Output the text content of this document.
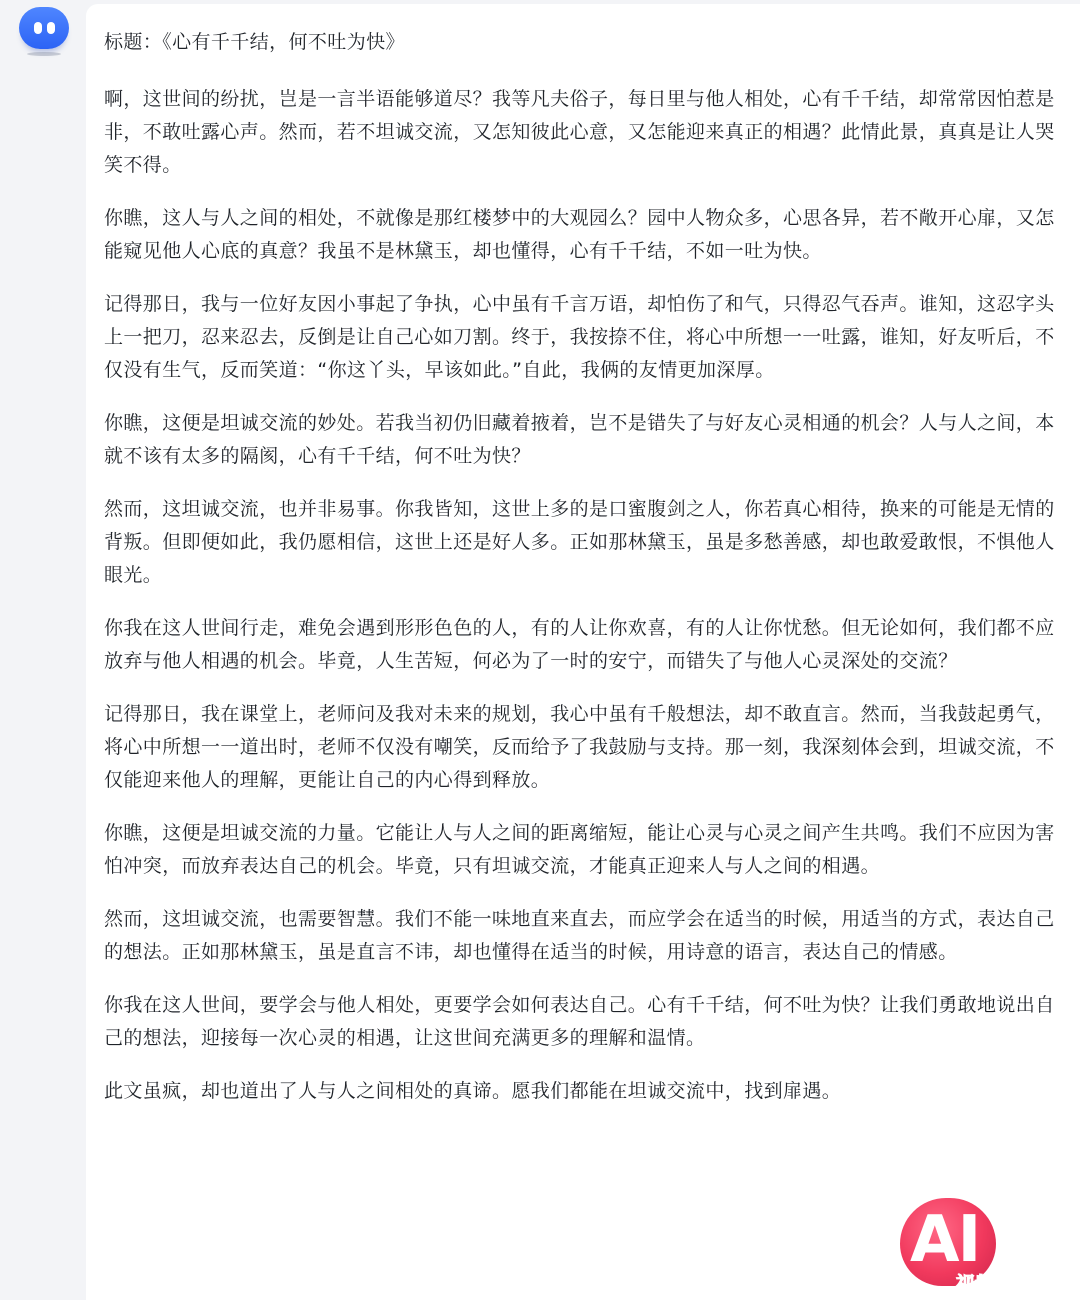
标题：《心有千千结，何不吐为快》

啊，这世间的纷扰，岂是一言半语能够道尽？我等凡夫俗子，每日里与他人相处，心有千千结，却常常因怕惹是非，不敢吐露心声。然而，若不坦诚交流，又怎知彼此心意，又怎能迎来真正的相遇？此情此景，真真是让人哭笑不得。

你瞧，这人与人之间的相处，不就像是那红楼梦中的大观园么？园中人物众多，心思各异，若不敞开心扉，又怎能窥见他人心底的真意？我虽不是林黛玉，却也懂得，心有千千结，不如一吐为快。

记得那日，我与一位好友因小事起了争执，心中虽有千言万语，却怕伤了和气，只得忍气吞声。谁知，这忍字头上一把刀，忍来忍去，反倒是让自己心如刀割。终于，我按捺不住，将心中所想一一吐露，谁知，好友听后，不仅没有生气，反而笑道：“你这丫头，早该如此。”自此，我俩的友情更加深厚。

你瞧，这便是坦诚交流的妙处。若我当初仍旧藏着掖着，岂不是错失了与好友心灵相通的机会？人与人之间，本就不该有太多的隔阂，心有千千结，何不吐为快？

然而，这坦诚交流，也并非易事。你我皆知，这世上多的是口蜜腹剑之人，你若真心相待，换来的可能是无情的背叛。但即便如此，我仍愿相信，这世上还是好人多。正如那林黛玉，虽是多愁善感，却也敢爱敢恨，不惧他人眼光。

你我在这人世间行走，难免会遇到形形色色的人，有的人让你欢喜，有的人让你忧愁。但无论如何，我们都不应放弃与他人相遇的机会。毕竟，人生苦短，何必为了一时的安宁，而错失了与他人心灵深处的交流？

记得那日，我在课堂上，老师问及我对未来的规划，我心中虽有千般想法，却不敢直言。然而，当我鼓起勇气，将心中所想一一道出时，老师不仅没有嘲笑，反而给予了我鼓励与支持。那一刻，我深刻体会到，坦诚交流，不仅能迎来他人的理解，更能让自己的内心得到释放。

你瞧，这便是坦诚交流的力量。它能让人与人之间的距离缩短，能让心灵与心灵之间产生共鸣。我们不应因为害怕冲突，而放弃表达自己的机会。毕竟，只有坦诚交流，才能真正迎来人与人之间的相遇。

然而，这坦诚交流，也需要智慧。我们不能一味地直来直去，而应学会在适当的时候，用适当的方式，表达自己的想法。正如那林黛玉，虽是直言不讳，却也懂得在适当的时候，用诗意的语言，表达自己的情感。

你我在这人世间，要学会与他人相处，更要学会如何表达自己。心有千千结，何不吐为快？让我们勇敢地说出自己的想法，迎接每一次心灵的相遇，让这世间充满更多的理解和温情。

此文虽疯，却也道出了人与人之间相处的真谛。愿我们都能在坦诚交流中，找到扉遇。

AI
视频贴吧
